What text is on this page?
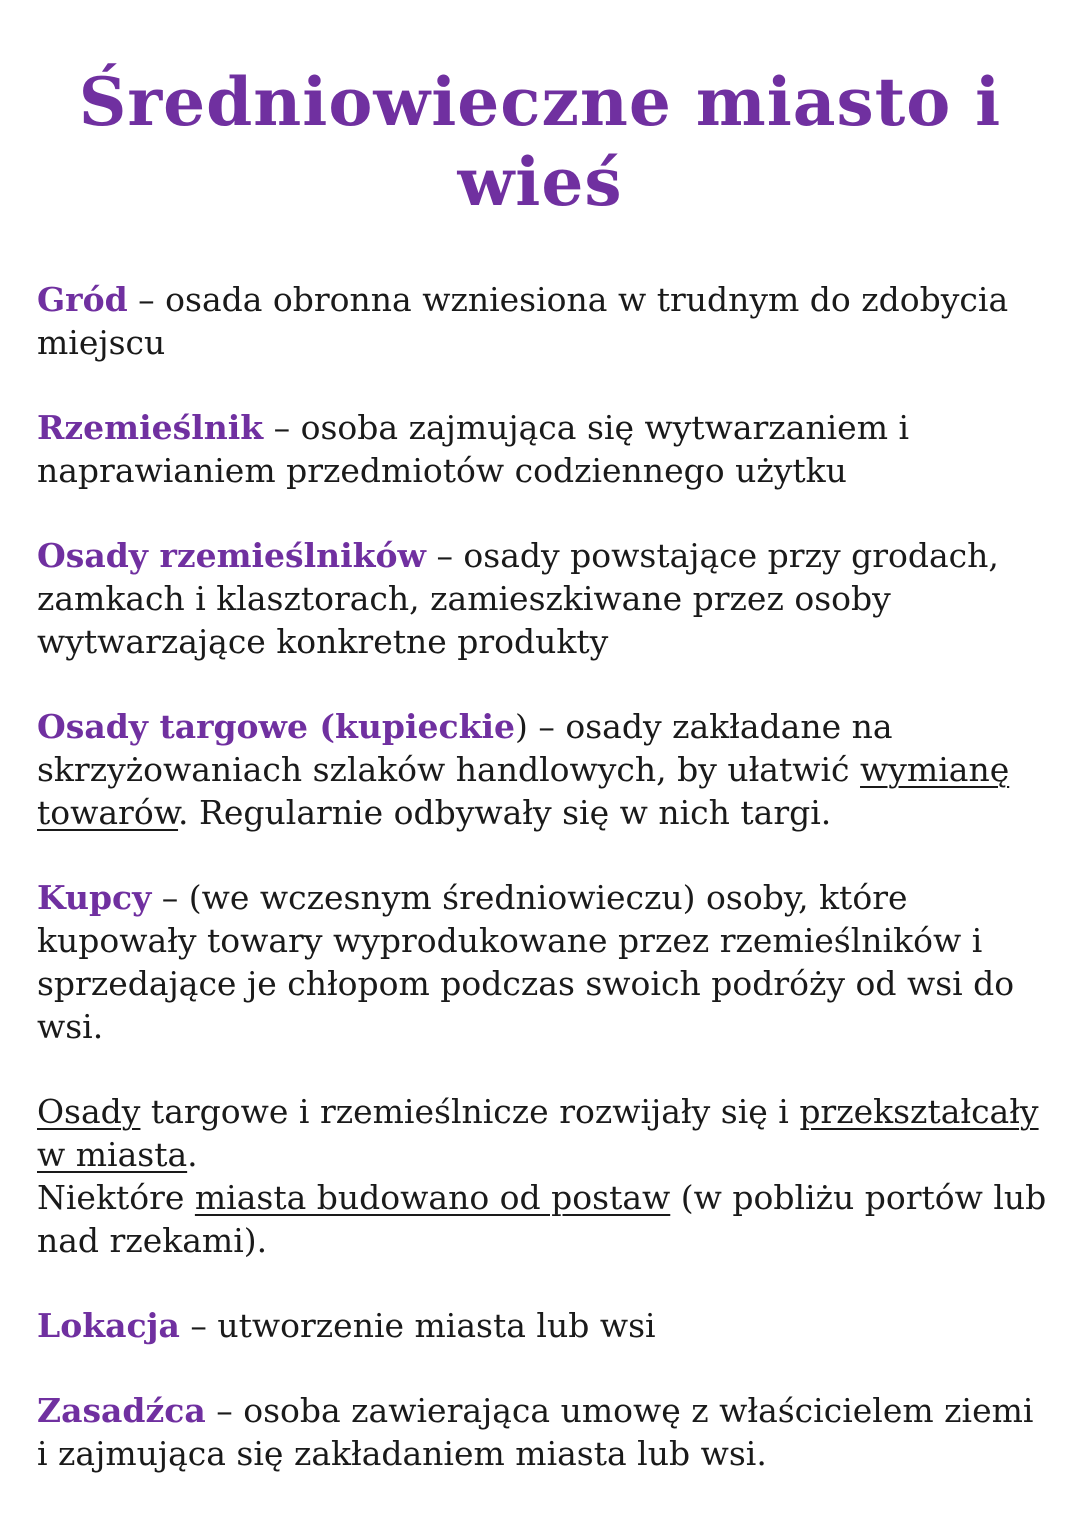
Średniowieczne miasto i
wieś

Gród – osada obronna wzniesiona w trudnym do zdobycia miejscu

Rzemieślnik – osoba zajmująca się wytwarzaniem i naprawianiem przedmiotów codziennego użytku

Osady rzemieślników – osady powstające przy grodach, zamkach i klasztorach, zamieszkiwane przez osoby wytwarzające konkretne produkty

Osady targowe (kupieckie) – osady zakładane na skrzyżowaniach szlaków handlowych, by ułatwić wymianę towarów. Regularnie odbywały się w nich targi.

Kupcy – (we wczesnym średniowieczu) osoby, które kupowały towary wyprodukowane przez rzemieślników i sprzedające je chłopom podczas swoich podróży od wsi do wsi.

Osady targowe i rzemieślnicze rozwijały się i przekształcały w miasta.
Niektóre miasta budowano od postaw (w pobliżu portów lub nad rzekami).

Lokacja – utworzenie miasta lub wsi

Zasadźca – osoba zawierająca umowę z właścicielem ziemi i zajmująca się zakładaniem miasta lub wsi.
